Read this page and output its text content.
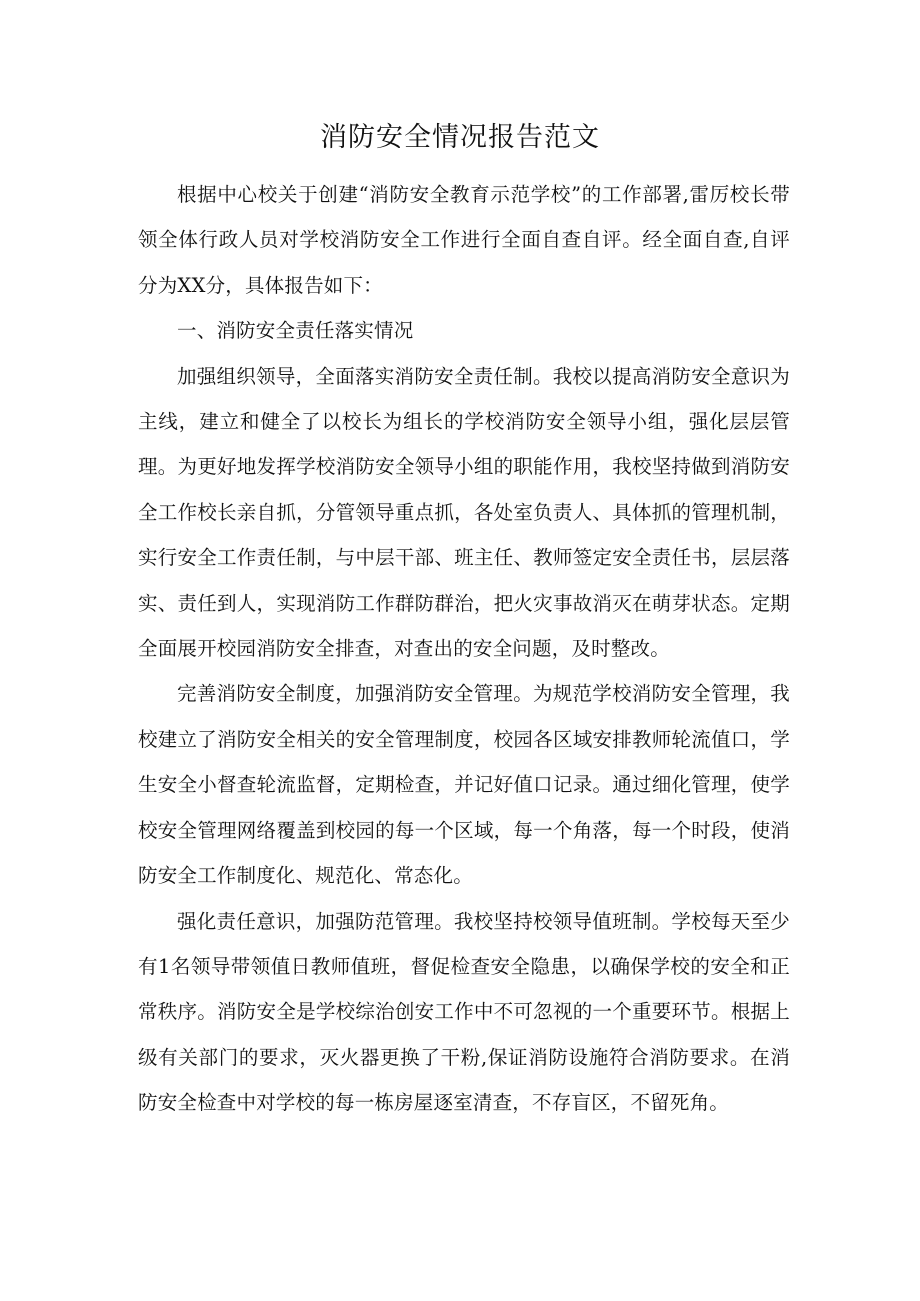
消防安全情况报告范文

根据中心校关于创建“消防安全教育示范学校”的工作部署,雷厉校长带领全体行政人员对学校消防安全工作进行全面自查自评。经全面自查,自评分为XX分，具体报告如下：

一、消防安全责任落实情况

加强组织领导，全面落实消防安全责任制。我校以提高消防安全意识为主线，建立和健全了以校长为组长的学校消防安全领导小组，强化层层管理。为更好地发挥学校消防安全领导小组的职能作用，我校坚持做到消防安全工作校长亲自抓，分管领导重点抓，各处室负责人、具体抓的管理机制，实行安全工作责任制，与中层干部、班主任、教师签定安全责任书，层层落实、责任到人，实现消防工作群防群治，把火灾事故消灭在萌芽状态。定期全面展开校园消防安全排查，对查出的安全问题，及时整改。

完善消防安全制度，加强消防安全管理。为规范学校消防安全管理，我校建立了消防安全相关的安全管理制度，校园各区域安排教师轮流值口，学生安全小督查轮流监督，定期检查，并记好值口记录。通过细化管理，使学校安全管理网络覆盖到校园的每一个区域，每一个角落，每一个时段，使消防安全工作制度化、规范化、常态化。

强化责任意识，加强防范管理。我校坚持校领导值班制。学校每天至少有1名领导带领值日教师值班，督促检查安全隐患，以确保学校的安全和正常秩序。消防安全是学校综治创安工作中不可忽视的一个重要环节。根据上级有关部门的要求，灭火器更换了干粉,保证消防设施符合消防要求。在消防安全检查中对学校的每一栋房屋逐室清查，不存盲区，不留死角。
